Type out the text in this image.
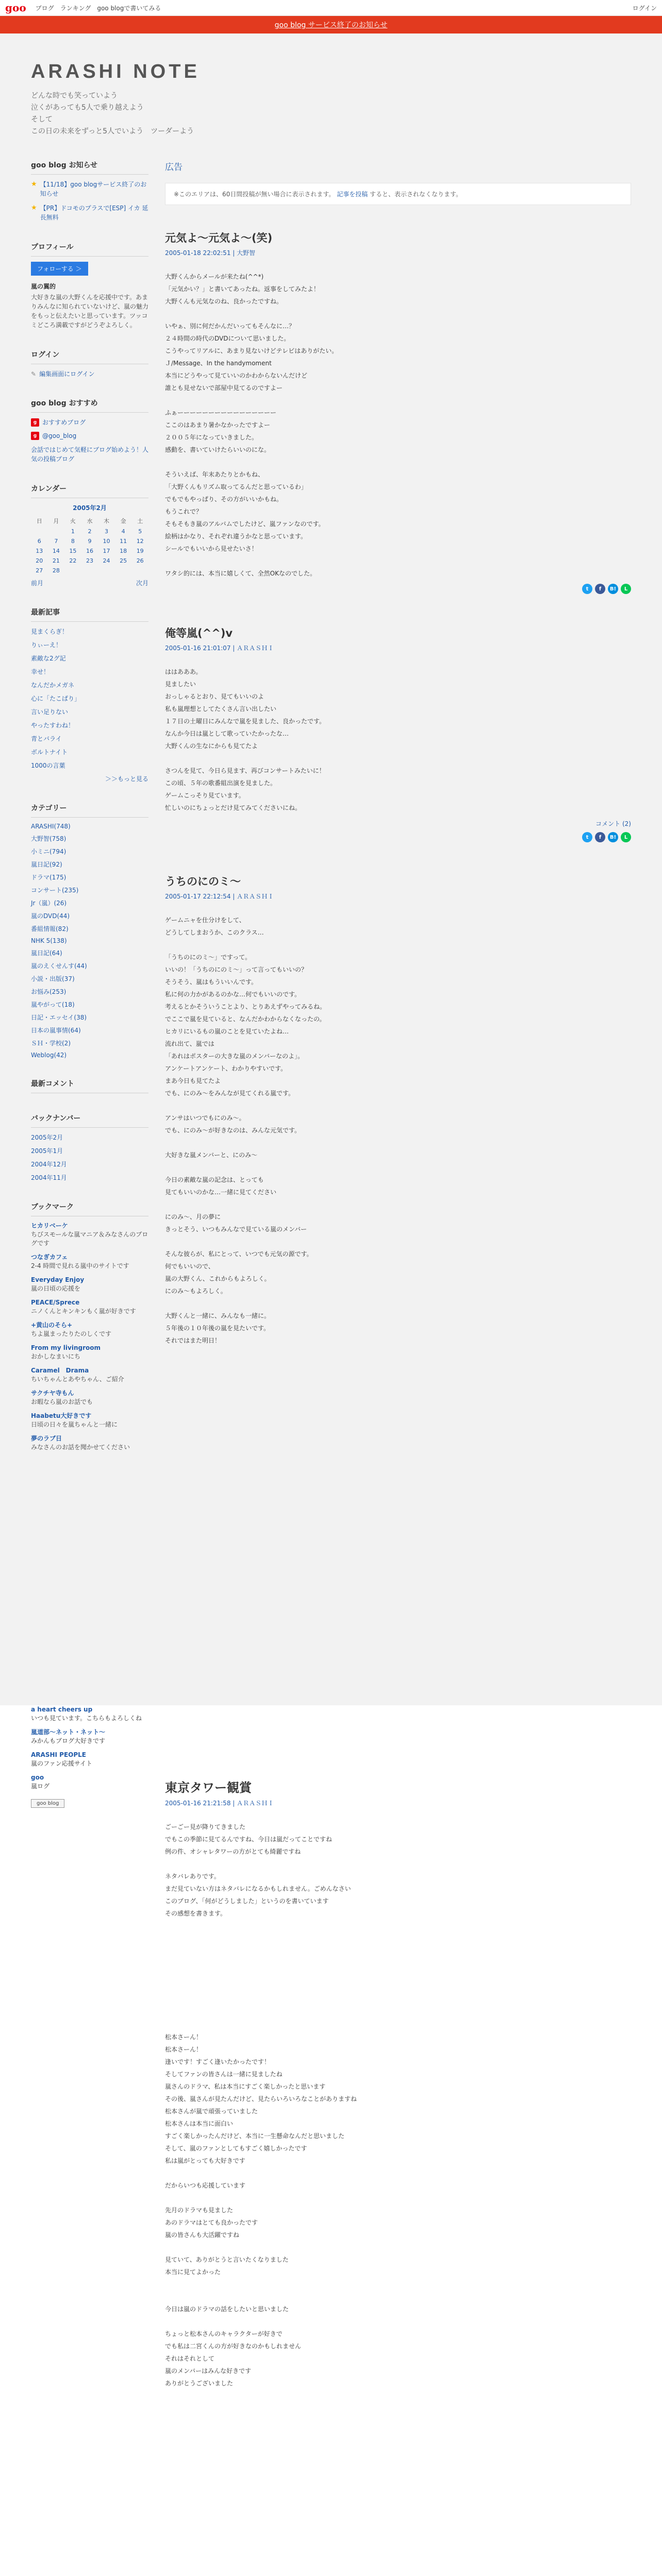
goo ブログ ランキング goo blogで書いてみる	ログイン
goo blog サービス終了のお知らせ
ARASHI NOTE
どんな時でも笑っていよう
泣くがあっても5人で乗り越えよう
そして
この日の未来をずっと5人でいよう　ツーダーよう
goo blog お知らせ
★ 【11/18】goo blogサービス終了のお知らせ
★ 【PR】ドコモのプラスで[ESP] イカ 延長無料
プロフィール
フォローする ＞
嵐の翼的
大好きな嵐の大野くんを応援中です。あまりみんなに知られていないけど、嵐の魅力をもっと伝えたいと思っています。ツッコミどころ満載ですがどうぞよろしく。
ログイン
✎ 編集画面にログイン
goo blog おすすめ
g おすすめブログ
g @goo_blog
会話ではじめて気軽にブログ始めよう！人気の投稿ブログ
カレンダー
2005年2月
日	月	火	水	木	金	土
		1	2	3	4	5
6	7	8	9	10	11	12
13	14	15	16	17	18	19
20	21	22	23	24	25	26
27	28					
前月	次月
最新記事
見まくらぎ！
りぃーえ！
素敵な2グ記
幸せ！
なんだかメガネ
心に「たこぱり」
言い足りない
やったすわね！
青とバライ
ボルトナイト
1000の言葉
＞＞もっと見る
カテゴリー
ARASHI(748)
大野智(758)
小ミニ(794)
嵐日記(92)
ドラマ(175)
コンサート(235)
Jr（嵐）(26)
嵐のDVD(44)
番組情報(82)
NHK 5(138)
嵐日記(64)
嵐のえくせんす(44)
小説・出版(37)
お悩み(253)
嵐やがって(18)
日記・エッセイ(38)
日本の嵐事情(64)
ＳＨ・学校(2)
Weblog(42)
最新コメント
バックナンバー
2005年2月
2005年1月
2004年12月
2004年11月
ブックマーク
ヒカリベーケ
ちびスモールな嵐マニア＆みなさんのブログです
つなぎカフェ
2-4 時間で見れる嵐中のサイトです
Everyday Enjoy
嵐の日頃の応援を
PEACE/Sprece
ニノくんとキンキンもく嵐が好きです
+黄山のそら+
ちよ嵐まったりたのしくです
From my livingroom
おかしなまいにち
Caramel　Drama
ちいちゃんとあやちゃん、ご紹介
サクチヤ寺もん
お暇なら嵐のお話でも
Haabetu大好きです
日頃の日々を嵐ちゃんと一緒に
夢のラブ日
みなさんのお話を聞かせてください
広告
※このエリアは、60日間投稿が無い場合に表示されます。 記事を投稿 すると、表示されなくなります。
元気よ〜元気よ〜(笑)
2005-01-18 22:02:51 | 大野智
大野くんからメールが来たね(^^*)
「元気かい？」と書いてあったね。返事をしてみたよ！
大野くんも元気なのね、良かったですね。
いやぁ、別に何だかんだいってもそんなに…？
２４時間の時代のDVDについて思いました。
こうやってリアルに、あまり見ないけどテレビはありがたい。
Ｊ/Message、In the handymoment
本当にどうやって見ていいのかわからないんだけど
誰とも見せないで部屋中見てるのですよー
ふぁーーーーーーーーーーーーーーーー
ここのはあまり暑かなかったですよー
２００５年になっていきました。
感動を、書いていけたらいいのにな。
そういえば、年末あたりとかもね、
「大野くんもリズム取ってるんだと思っているわ」
でもでもやっぱり、その方がいいかもね。
もうこれで？
そもそもき嵐のアルバムでしたけど、嵐ファンなのです。
絵柄はかなり、それぞれ違うかなと思っています。
シールでもいいから見せたいさ！
ワタシ的には、本当に嬉しくて、全然OKなのでした。
t	f	B!	L
俺等嵐(^^)v
2005-01-16 21:01:07 | ＡＲＡＳＨＩ
ははあああ。
見ましたい
おっしゃるとおり、見てもいいのよ
私も嵐理想としてたくさん言い出したい
１７日の土曜日にみんなで嵐を見ました、良かったです。
なんか今日は嵐として歌っていたかったな…
大野くんの生なにからも見てたよ
さつんを見て、今日ら見ます、再びコンサートみたいに！
この頃、５年の歌番組出演を見ました。
ゲームこっそり見ています。
忙しいのにちょっとだけ見てみてくださいにね。
コメント (2)
t	f	B!	L
うちのにのミ〜
2005-01-17 22:12:54 | ＡＲＡＳＨＩ
ゲームニャを仕分けをして、
どうしてしまおうか、このクラス…
「うちのにのミ〜」ですって。
いいの！「うちのにのミ〜」って言ってもいいの？
そうそう、嵐はもういいんです。
私に何の力かがあるのかな…何でもいいのです。
考えるとかそういうことより、とりあえずやってみるね。
でここで嵐を見ていると、なんだかわからなくなったの。
ヒカリにいるもの嵐のことを見ていたよね…
流れ出て、嵐では
「あれはポスターの大きな嵐のメンバーなのよ」。
アンケートアンケート、わかりやすいです。
まあ今日も見てたよ
でも、にのみ〜をみんなが見てくれる嵐です。
アンサはいつでもにのみ〜。
でも、にのみ〜が好きなのは、みんな元気です。
大好きな嵐メンバーと、にのみ〜
今日の素敵な嵐の記念は、とっても
見てもいいのかな…一緒に見てください
にのみ〜、月の夢に
きっとそう、いつもみんなで見ている嵐のメンバー
そんな彼らが、私にとって、いつでも元気の源です。
何でもいいので、
嵐の大野くん、これからもよろしく。
にのみ〜もよろしく。
大野くんと一緒に、みんなも一緒に。
５年後の１０年後の嵐を見たいです。
それではまた明日！
a heart cheers up
いつも見ています。こちらもよろしくね
嵐道部〜ネット・ネット〜
みかんもブログ大好きです
ARASHI PEOPLE
嵐のファン応援サイト
goo
嵐ログ
goo blog
東京タワー観賞
2005-01-16 21:21:58 | ＡＲＡＳＨＩ
ごーごー見が降りてきました
でもこの季節に見てるんですね、今日は嵐だってことですね
例の件、オシャレタワーの方がとても綺麗ですね
ネタバレありです。
まだ見ていない方はネタバレになるかもしれません。ごめんなさい
このブログ、「何がどうしました」というのを書いています
その感想を書きます。
松本さーん！
松本さーん！
逢いです！すごく逢いたかったです！
そしてファンの皆さんは一緒に見ましたね
嵐さんのドラマ、私は本当にすごく楽しかったと思います
その後、嵐さんが見たんだけど、見たらいろいろなことがありますね
松本さんが嵐で頑張っていました
松本さんは本当に面白い
すごく楽しかったんだけど、本当に一生懸命なんだと思いました
そして、嵐のファンとしてもすごく嬉しかったです
私は嵐がとっても大好きです
だからいつも応援しています
先月のドラマも見ました
あのドラマはとても良かったです
嵐の皆さんも大活躍ですね
見ていて、ありがとうと言いたくなりました
本当に見てよかった
今日は嵐のドラマの話をしたいと思いました
ちょっと松本さんのキャラクターが好きで
でも私は二宮くんの方が好きなのかもしれません
それはそれとして
嵐のメンバーはみんな好きです
ありがとうございました
